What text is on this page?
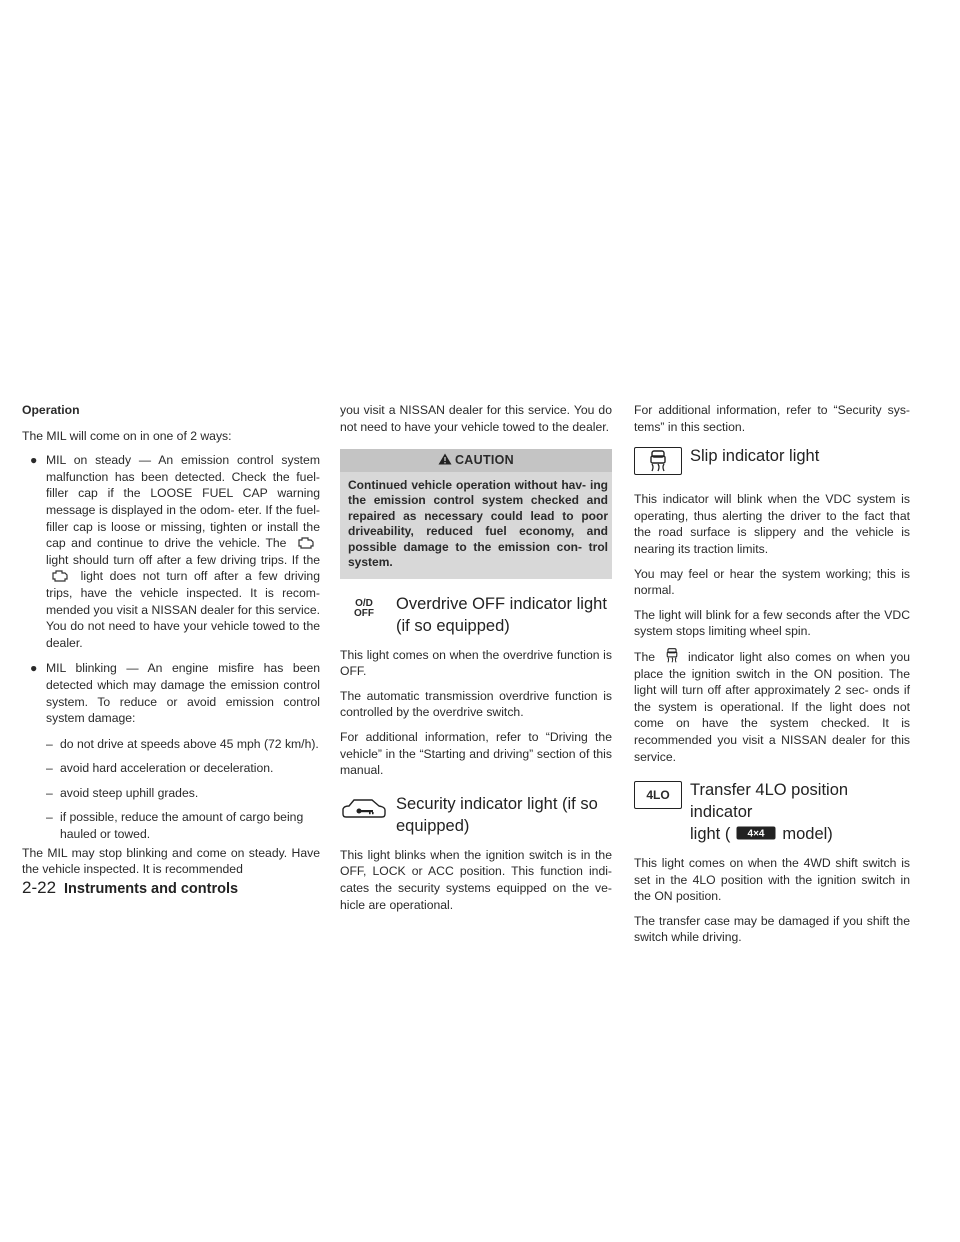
Operation

The MIL will come on in one of 2 ways:

● MIL on steady — An emission control system malfunction has been detected. Check the fuel-filler cap if the LOOSE FUEL CAP warning message is displayed in the odom- eter. If the fuel-filler cap is loose or missing, tighten or install the cap and continue to drive the vehicle. The  light should turn off after a few driving trips. If the  light does not turn off after a few driving trips, have the vehicle inspected. It is recom- mended you visit a NISSAN dealer for this service. You do not need to have your vehicle towed to the dealer.
● MIL blinking — An engine misfire has been detected which may damage the emission control system. To reduce or avoid emission control system damage:
– do not drive at speeds above 45 mph (72 km/h).
– avoid hard acceleration or deceleration.
– avoid steep uphill grades.
– if possible, reduce the amount of cargo being hauled or towed.

The MIL may stop blinking and come on steady. Have the vehicle inspected. It is recommended

you visit a NISSAN dealer for this service. You do not need to have your vehicle towed to the dealer.

CAUTION
Continued vehicle operation without hav- ing the emission control system checked and repaired as necessary could lead to poor driveability, reduced fuel economy, and possible damage to the emission con- trol system.
O/D
OFF
Overdrive OFF indicator light
(if so equipped)

This light comes on when the overdrive function is OFF.

The automatic transmission overdrive function is controlled by the overdrive switch.

For additional information, refer to “Driving the vehicle” in the “Starting and driving” section of this manual.

Security indicator light (if so
equipped)

This light blinks when the ignition switch is in the OFF, LOCK or ACC position. This function indi- cates the security systems equipped on the ve- hicle are operational.

For additional information, refer to “Security sys- tems” in this section.

Slip indicator light

This indicator will blink when the VDC system is operating, thus alerting the driver to the fact that the road surface is slippery and the vehicle is nearing its traction limits.

You may feel or hear the system working; this is normal.

The light will blink for a few seconds after the VDC system stops limiting wheel spin.

The	indicator light also comes on when you place the ignition switch in the ON position. The light will turn off after approximately 2 sec- onds if the system is operational. If the light does not come on have the system checked. It is recommended you visit a NISSAN dealer for this service.

4LO	Transfer 4LO position indicator
light ( 4×4 model)

This light comes on when the 4WD shift switch is set in the 4LO position with the ignition switch in the ON position.

The transfer case may be damaged if you shift the switch while driving.

2-22 Instruments and controls
